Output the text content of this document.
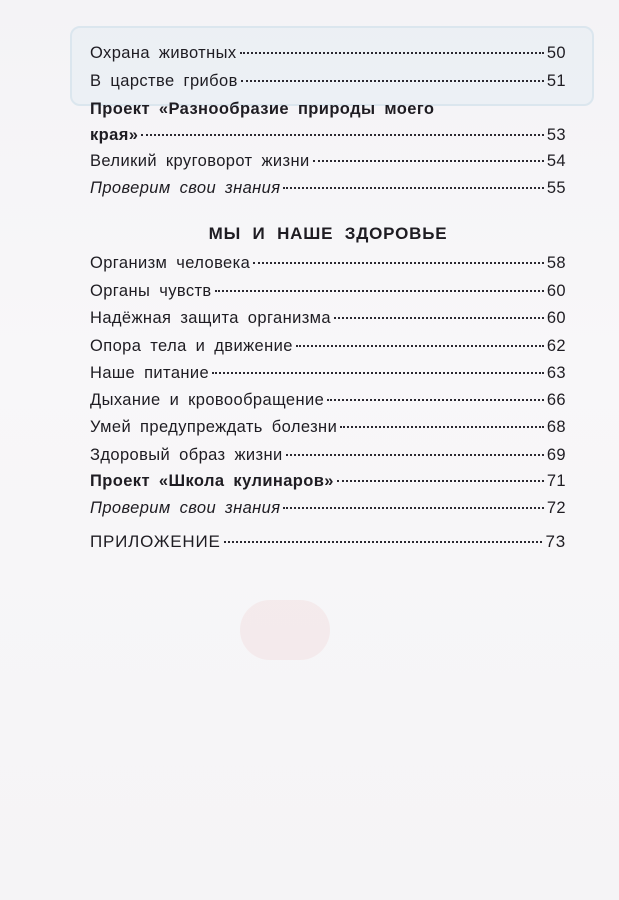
Охрана животных	50
В царстве грибов	51
Проект «Разнообразие природы моего
края»	53
Великий круговорот жизни	54
Проверим свои знания	55
МЫ И НАШЕ ЗДОРОВЬЕ
Организм человека	58
Органы чувств	60
Надёжная защита организма	60
Опора тела и движение	62
Наше питание	63
Дыхание и кровообращение	66
Умей предупреждать болезни	68
Здоровый образ жизни	69
Проект «Школа кулинаров»	71
Проверим свои знания	72
ПРИЛОЖЕНИЕ	73
